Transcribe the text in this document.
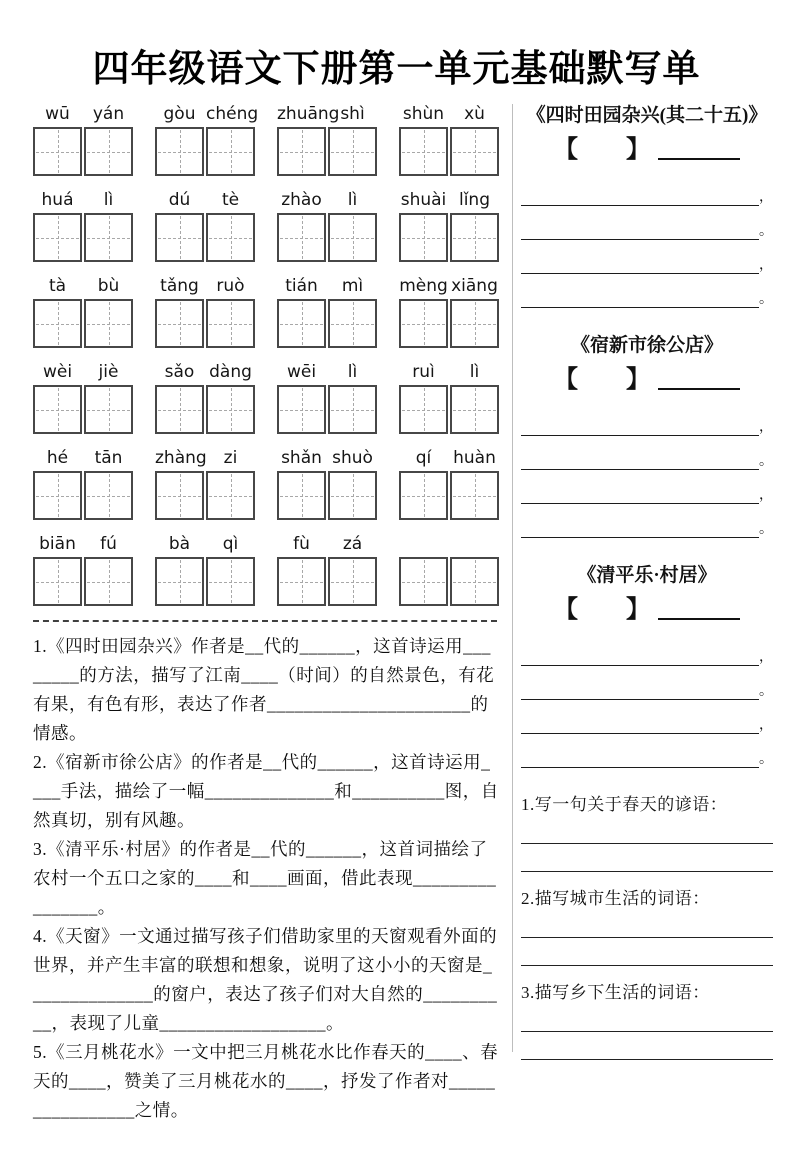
四年级语文下册第一单元基础默写单
wū	yán	gòu chéng zhuāng shì	shùn	xù
huá	lì	dú	tè	zhào	lì	shuài lǐng
tà	bù	tǎng	ruò	tián	mì	mèng xiāng
wèi	jiè	sǎo dàng	wēi	lì	ruì	lì
hé	tān	zhàng zi	shǎn shuò	qí	huàn
biān	fú	bà	qì	fù	zá

1.《四时田园杂兴》作者是__代的______，这首诗运用________的方法，描写了江南____（时间）的自然景色，有花有果，有色有形，表达了作者______________________的情感。

2.《宿新市徐公店》的作者是__代的______，这首诗运用____手法，描绘了一幅______________和__________图，自然真切，别有风趣。

3.《清平乐·村居》的作者是__代的______，这首词描绘了农村一个五口之家的____和____画面，借此表现________________。

4.《天窗》一文通过描写孩子们借助家里的天窗观看外面的世界，并产生丰富的联想和想象，说明了这小小的天窗是______________的窗户，表达了孩子们对大自然的__________，表现了儿童__________________。

5.《三月桃花水》一文中把三月桃花水比作春天的____、春天的____，赞美了三月桃花水的____，抒发了作者对________________之情。

《四时田园杂兴(其二十五)》
【　　】
，
。
，
。
《宿新市徐公店》
【　　】
，
。
，
。
《清平乐·村居》
【　　】
，
。
，
。
1.写一句关于春天的谚语：
2.描写城市生活的词语：
3.描写乡下生活的词语：
